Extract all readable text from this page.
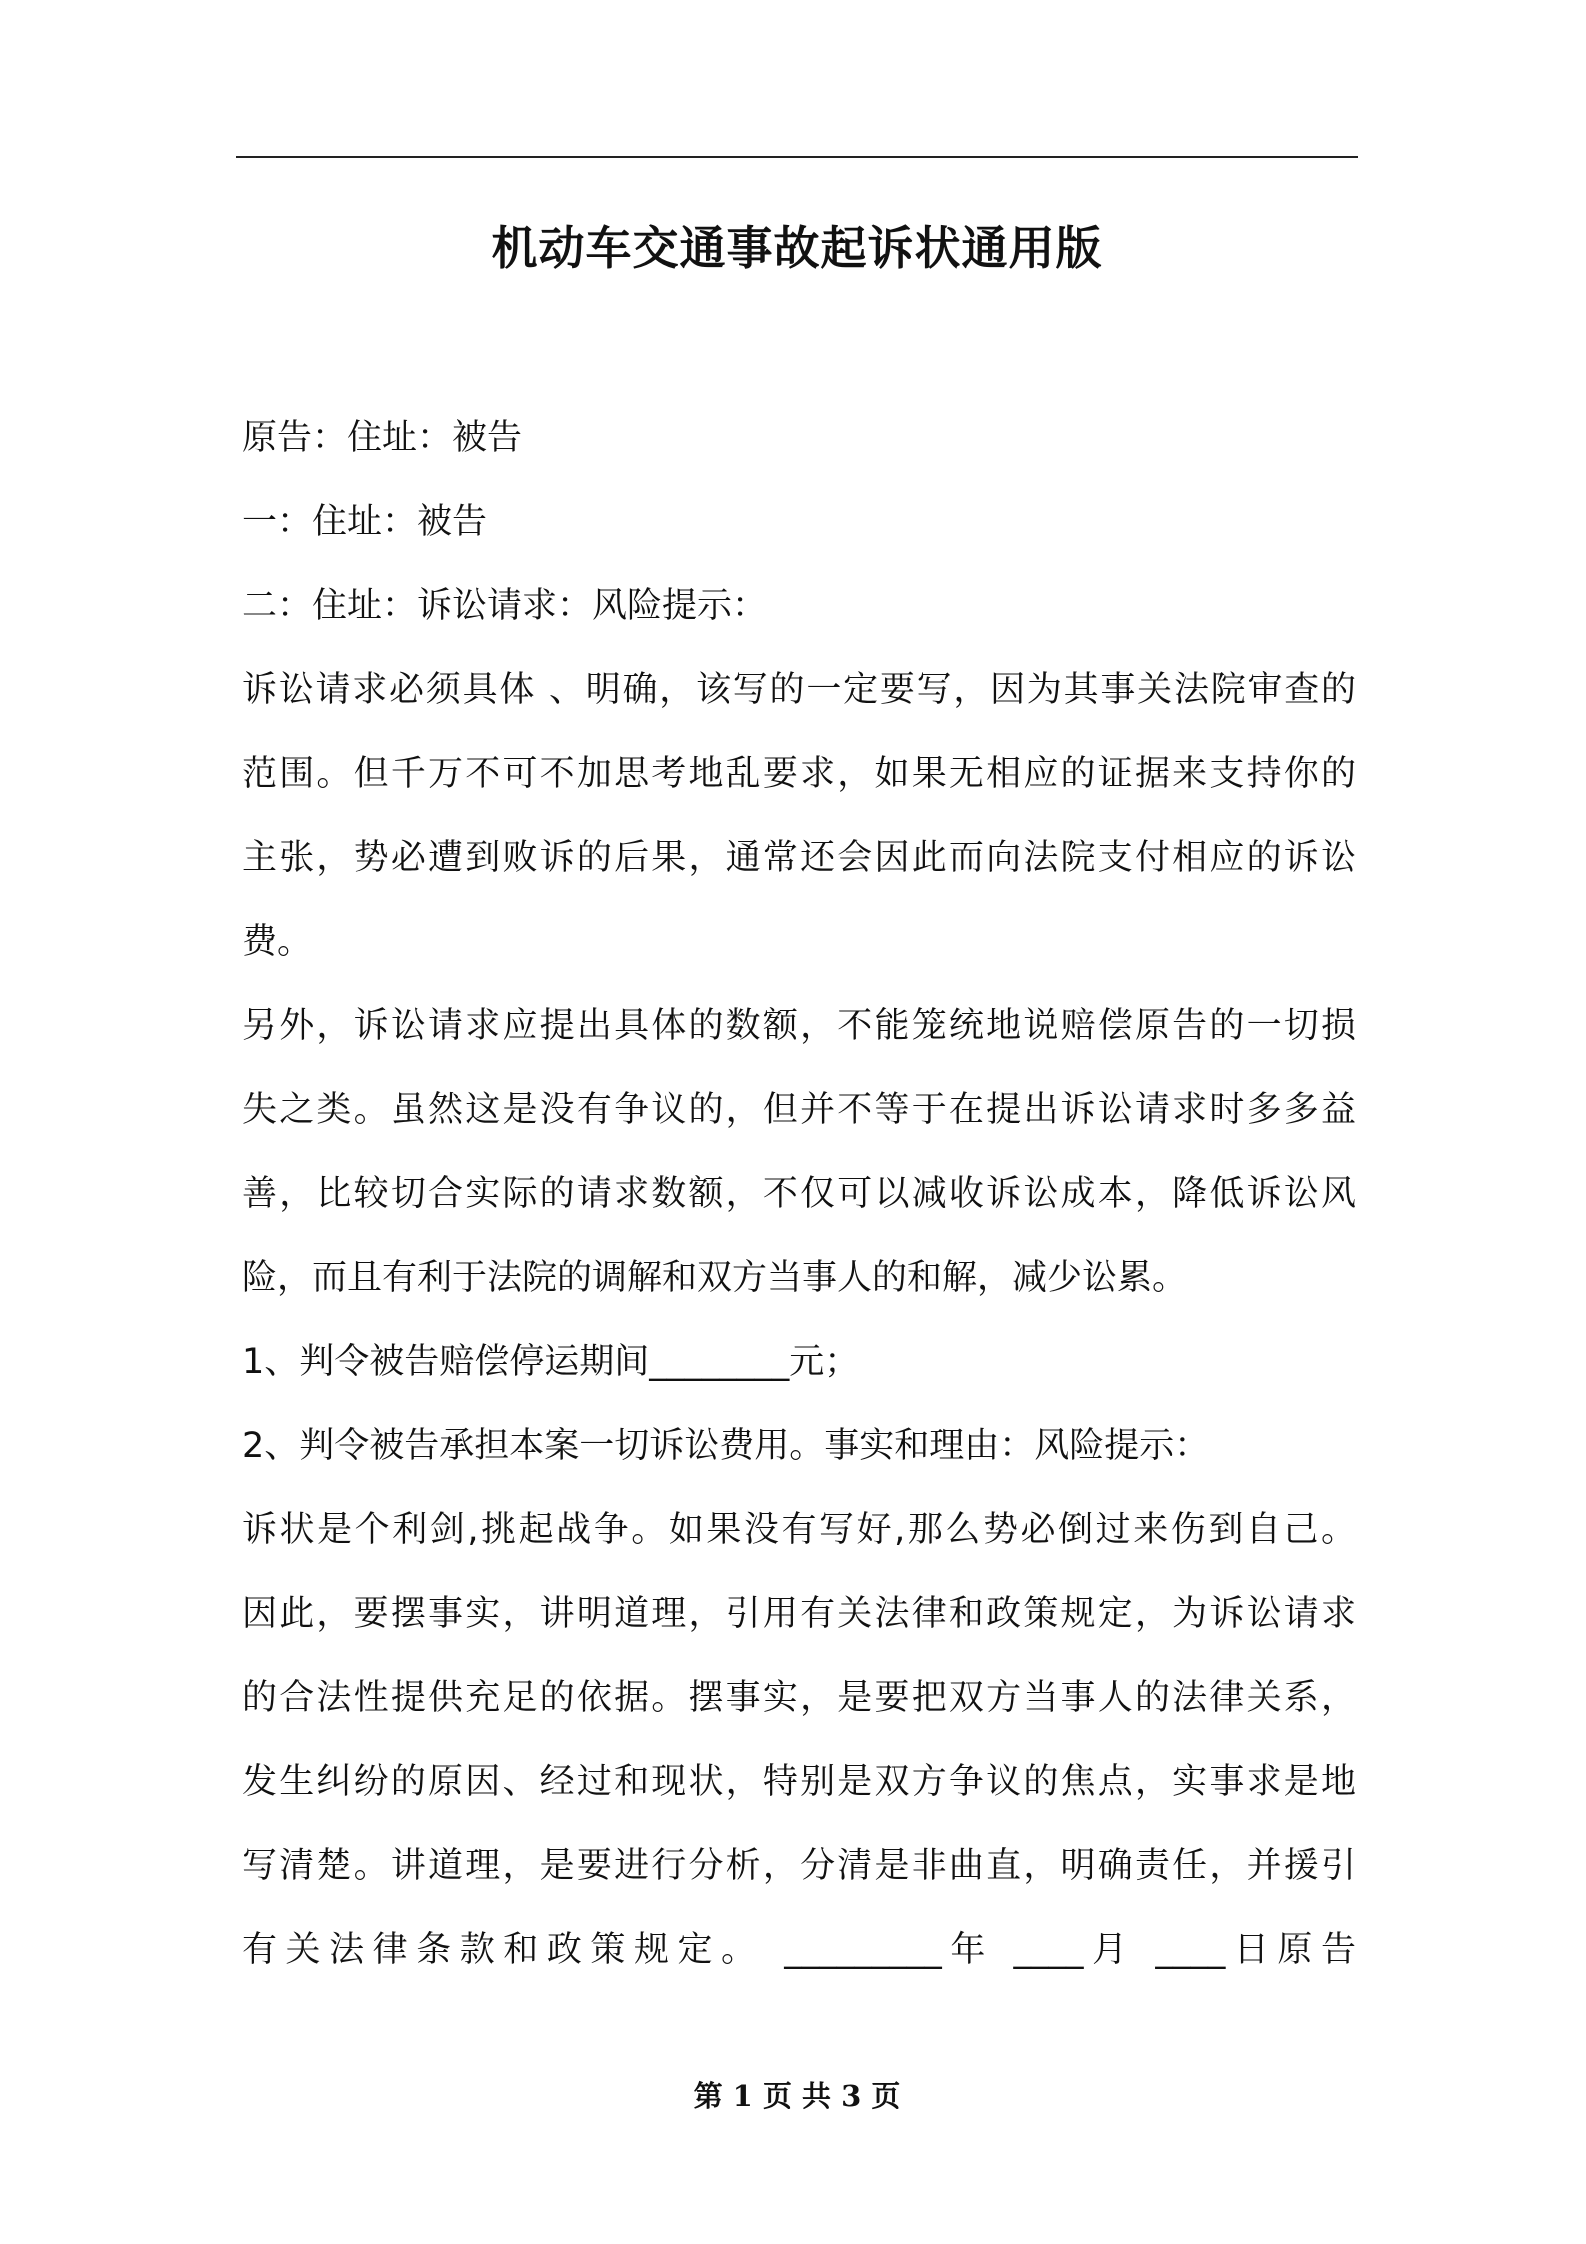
机动车交通事故起诉状通用版
原告：住址：被告
一：住址：被告
二：住址：诉讼请求：风险提示：
诉讼请求必须具体 、明确，该写的一定要写，因为其事关法院审查的
范围。但千万不可不加思考地乱要求，如果无相应的证据来支持你的
主张，势必遭到败诉的后果，通常还会因此而向法院支付相应的诉讼
费。
另外，诉讼请求应提出具体的数额，不能笼统地说赔偿原告的一切损
失之类。虽然这是没有争议的，但并不等于在提出诉讼请求时多多益
善，比较切合实际的请求数额，不仅可以减收诉讼成本，降低诉讼风
险，而且有利于法院的调解和双方当事人的和解，减少讼累。
1、判令被告赔偿停运期间________元；
2、判令被告承担本案一切诉讼费用。事实和理由：风险提示：
诉状是个利剑,挑起战争。如果没有写好,那么势必倒过来伤到自己。
因此，要摆事实，讲明道理，引用有关法律和政策规定，为诉讼请求
的合法性提供充足的依据。摆事实，是要把双方当事人的法律关系，
发生纠纷的原因、经过和现状，特别是双方争议的焦点，实事求是地
写清楚。讲道理，是要进行分析，分清是非曲直，明确责任，并援引
有关法律条款和政策规定。 _________年 ____月 ____日原告
第 1 页 共 3 页
